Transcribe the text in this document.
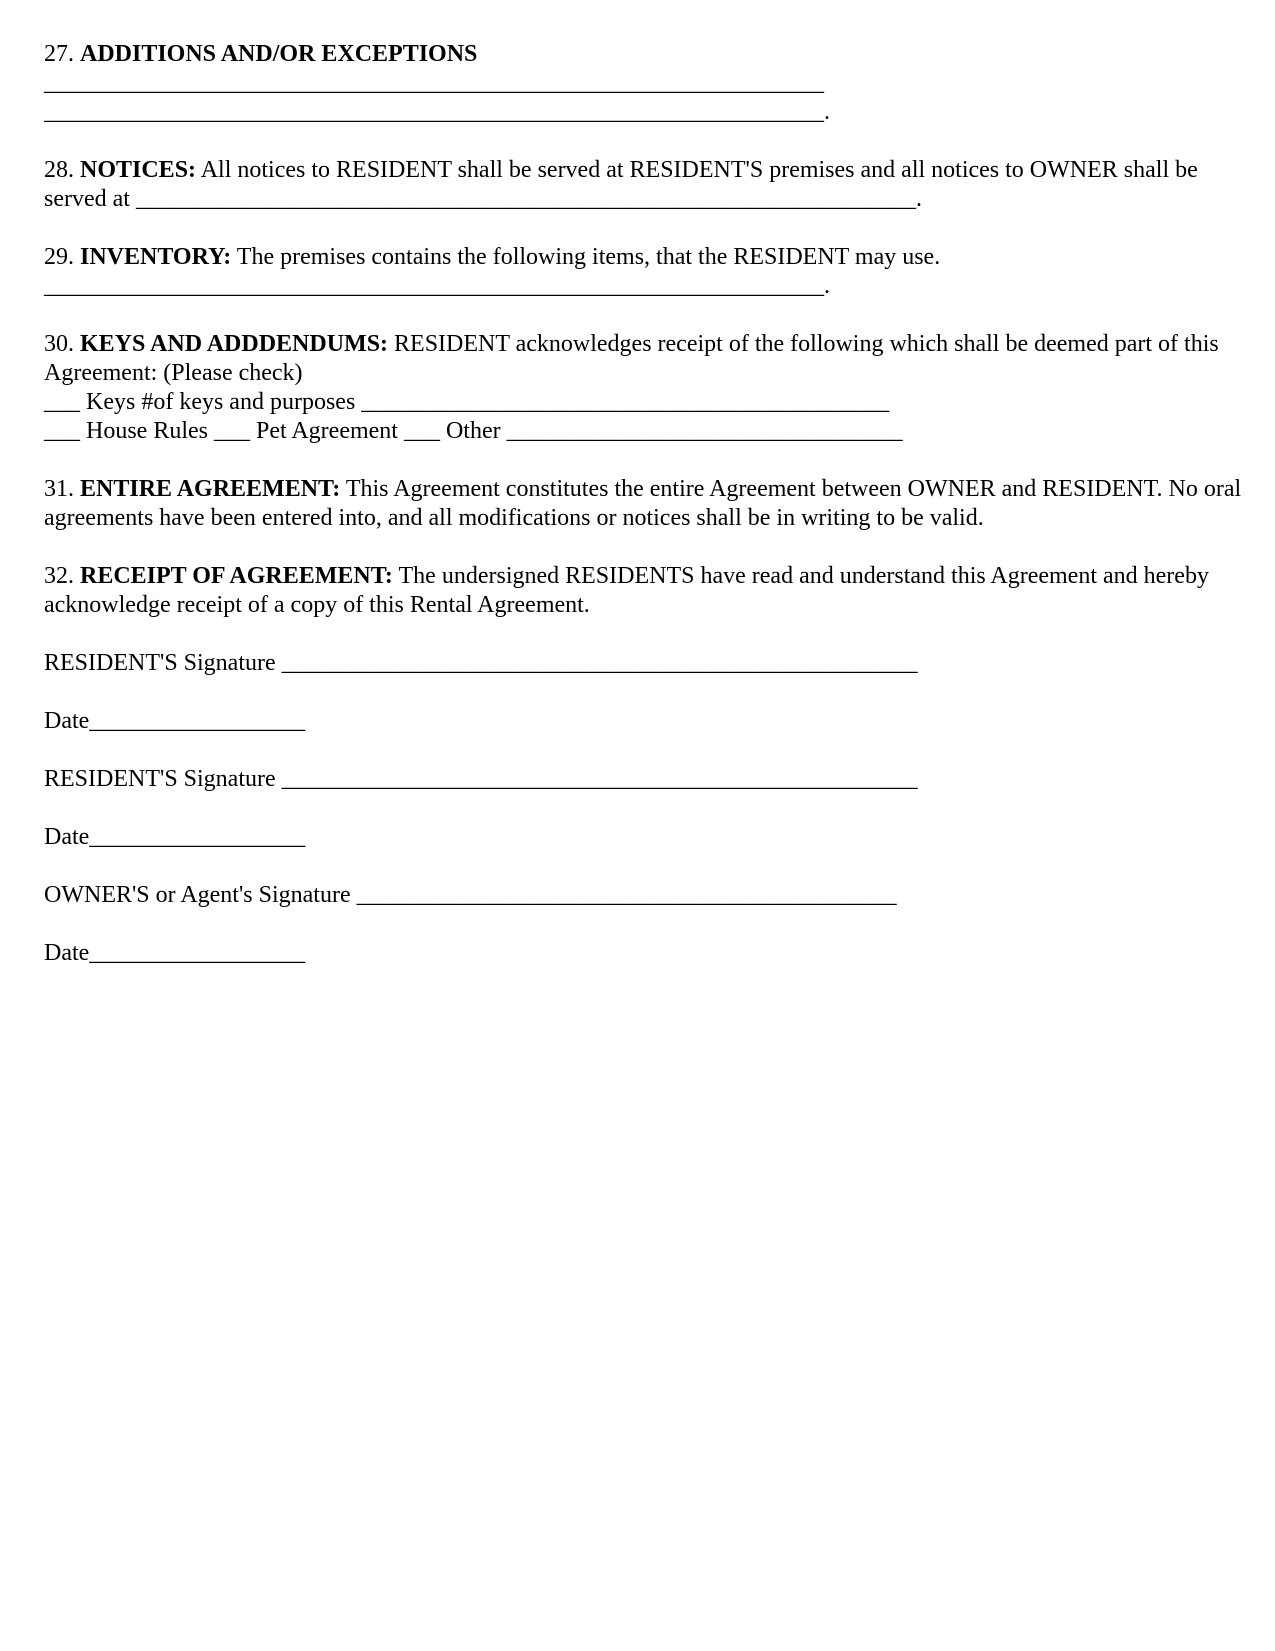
27. ADDITIONS AND/OR EXCEPTIONS
_________________________________________________________________
_________________________________________________________________.
28. NOTICES: All notices to RESIDENT shall be served at RESIDENT'S premises and all notices to OWNER shall be served at _________________________________________________________________.
29. INVENTORY: The premises contains the following items, that the RESIDENT may use.
_________________________________________________________________.
30. KEYS AND ADDDENDUMS: RESIDENT acknowledges receipt of the following which shall be deemed part of this Agreement: (Please check)
___ Keys #of keys and purposes ____________________________________________
___ House Rules ___ Pet Agreement ___ Other _________________________________
31. ENTIRE AGREEMENT: This Agreement constitutes the entire Agreement between OWNER and RESIDENT. No oral agreements have been entered into, and all modifications or notices shall be in writing to be valid.
32. RECEIPT OF AGREEMENT: The undersigned RESIDENTS have read and understand this Agreement and hereby acknowledge receipt of a copy of this Rental Agreement.
RESIDENT'S Signature _____________________________________________________
Date__________________
RESIDENT'S Signature _____________________________________________________
Date__________________
OWNER'S or Agent's Signature _____________________________________________
Date__________________
